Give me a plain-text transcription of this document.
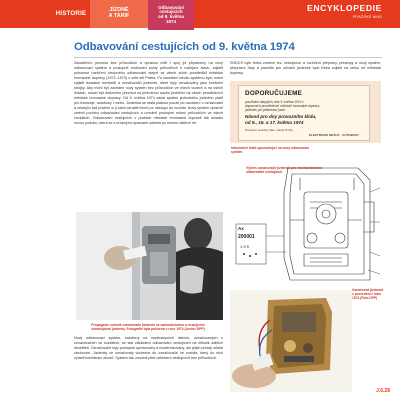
HISTORIE	JÍZDNÉ
A TARIF
Odbavování
cestujících
od 9. května
1974
ENCYKLOPEDIE
PRAŽSKÉ MHD
Odbavování cestujících od 9. května 1974
Zaváděním procesu bez průvodčích a úpravou měli I spoj již připraveny na nový odbavovací systém a postupně zrušováni počty průvodčích k rozbíjení stavu, zajistit pohotové rozšíření strojového odbavování stejně ve všech sítích prostředků městské hromadné dopravy (1972–1973) v celé síti Praha. Po zavedení tohoto systému bylo nutno zajistit dostatek turniketů a označovačů jízdenek, které byly označovány jako kontrolní strojky. Aby mohl být zaveden nový systém bez průvodčích ve všech vozech a na všech linkách, musel být dokončen přechod na jednotnou sazbu jízdného na všech prostředcích městské hromadné dopravy. Od 9. května 1974 začal systém jednotného jízdného platit pro tramvaje, autobusy i metro. Jízdenka se stala platnou pouze po označení v označovači a cestující byli povinni si ji sami označit ihned po nástupu do vozidla. Nový systém výrazně změnil podobu odbavování cestujících a umožnil postupné rušení průvodčích ve všech vozidlech. Odbavování cestujících v pražské městské hromadné dopravě tak dostalo novou podobu, která se s drobnými úpravami udržela po mnoho dalších let.
SHDCS bylo třeba zrušení tzv. cestujících a rozšíření přepravy, přestupy a nový systém, přepravní řády a pravidla pro užívání jízdenek bylo třeba zajistit na celou síť městské dopravy.
DOPORUČUJEME
používání nabytých, dne 9. května 1974 v
dopravních prostředcích městské hromadné dopravy
jízdenek pro jednotnou jízdu:
Návod pro dny provozního klidu,
od 9., 15. a 17. května 1974
Dopravní podniky hlav. města Prahy
ELEKTRICKÉ DRÁHY · AUTOBUSY
Informační leták upozorňující na nový odbavovací systém
Ax
200001
1 9 5
Výkres označovače jízdenek pro mechanizované odbavování cestujících
Propagační snímek označovače jízdenek se samoobsluhou a cestujícími označujícími jízdenky. Fotografie byla pořízena v roce 1974 (Archiv DPP)
Nový odbavovací systém, založený na nepřestupních lístcích, označovaných v označovačích ve vozidlech, se stal základem odbavování cestujících na několik dalších desetiletí. Označovače byly postupně upravovány a modernizovány, ale jejich princip zůstal zachován. Jízdenky se označovaly vložením do označovače ve vozidle, který do nich vyrazil kombinaci otvorů. Systém tak umožnil plné odbavení cestujících bez průvodčích.
Označovač jízdenek v provedení z roku 1974 (Foto DPP)
J.6.28
